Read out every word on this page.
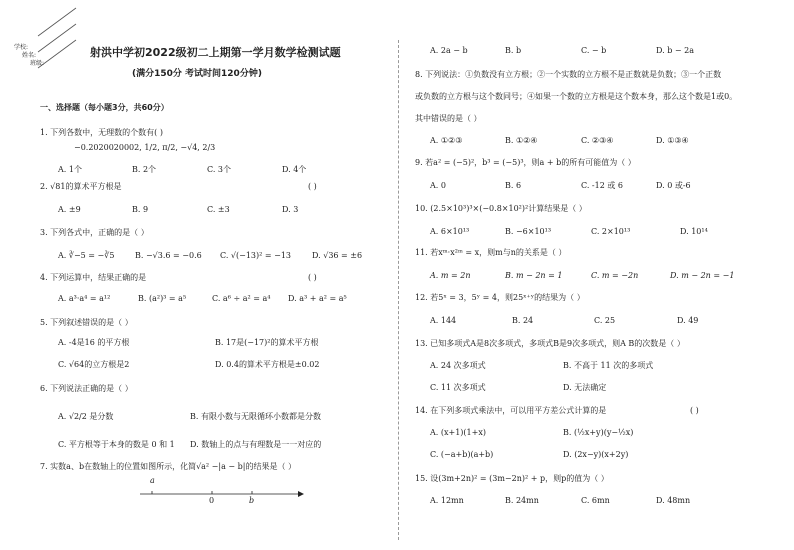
学校:
姓名:
班级:
射洪中学初2022级初二上期第一学月数学检测试题
(满分150分 考试时间120分钟)
一、选择题（每小题3分，共60分）
1. 下列各数中，无理数的个数有( )
−0.2020020002, 1/2, π/2, −√4, 2/3
A. 1个	B. 2个	C. 3个	D. 4个
2. √81的算术平方根是	( )
A. ±9	B. 9	C. ±3	D. 3
3. 下列各式中，正确的是（ ）
A. ∛−5 = −∛5	B. −√3.6 = −0.6 C. √(−13)² = −13	D. √36 = ±6
4. 下列运算中，结果正确的是	( )
A. a³·a⁴ = a¹²	B. (a²)³ = a⁵	C. a⁶ ÷ a² = a⁴ D. a³ + a² = a⁵
5. 下列叙述错误的是（ ）
A. -4是16 的平方根	B. 17是(−17)²的算术平方根
C. √64的立方根是2	D. 0.4的算术平方根是±0.02
6. 下列说法正确的是（ ）
A. √2/2 是分数	B. 有限小数与无限循环小数都是分数
C. 平方根等于本身的数是 0 和 1 D. 数轴上的点与有理数是一一对应的
7. 实数a、b在数轴上的位置如图所示，化简√a² −|a − b|的结果是（ ）
a
0	b
A. 2a − b	B. b	C. − b	D. b − 2a
8. 下列说法：①负数没有立方根；②一个实数的立方根不是正数就是负数；③一个正数
或负数的立方根与这个数同号；④如果一个数的立方根是这个数本身，那么这个数是1或0。
其中错误的是（ ）
A. ①②③	B. ①②④	C. ②③④	D. ①③④
9. 若a² = (−5)²，b³ = (−5)³，则a + b的所有可能值为（ ）
A. 0	B. 6	C. -12 或 6	D. 0 或-6
10. (2.5×10³)³×(−0.8×10²)²计算结果是（ ）
A. 6×10¹³	B. −6×10¹³	C. 2×10¹³	D. 10¹⁴
11. 若xᵐ·x²ᵐ = x，则m与n的关系是（ ）
A. m = 2n	B. m − 2n = 1	C. m = −2n	D. m − 2n = −1
12. 若5ˣ = 3，5ʸ = 4，则25ˣ⁺ʸ的结果为（ ）
A. 144	B. 24	C. 25	D. 49
13. 已知多项式A是8次多项式，多项式B是9次多项式，则A B的次数是（ ）
A. 24 次多项式	B. 不高于 11 次的多项式
C. 11 次多项式	D. 无法确定
14. 在下列多项式乘法中，可以用平方差公式计算的是	( )
A. (x+1)(1+x)	B. (½x+y)(y−½x)
C. (−a+b)(a+b)	D. (2x−y)(x+2y)
15. 设(3m+2n)² = (3m−2n)² + p，则p的值为（ ）
A. 12mn	B. 24mn	C. 6mn	D. 48mn
